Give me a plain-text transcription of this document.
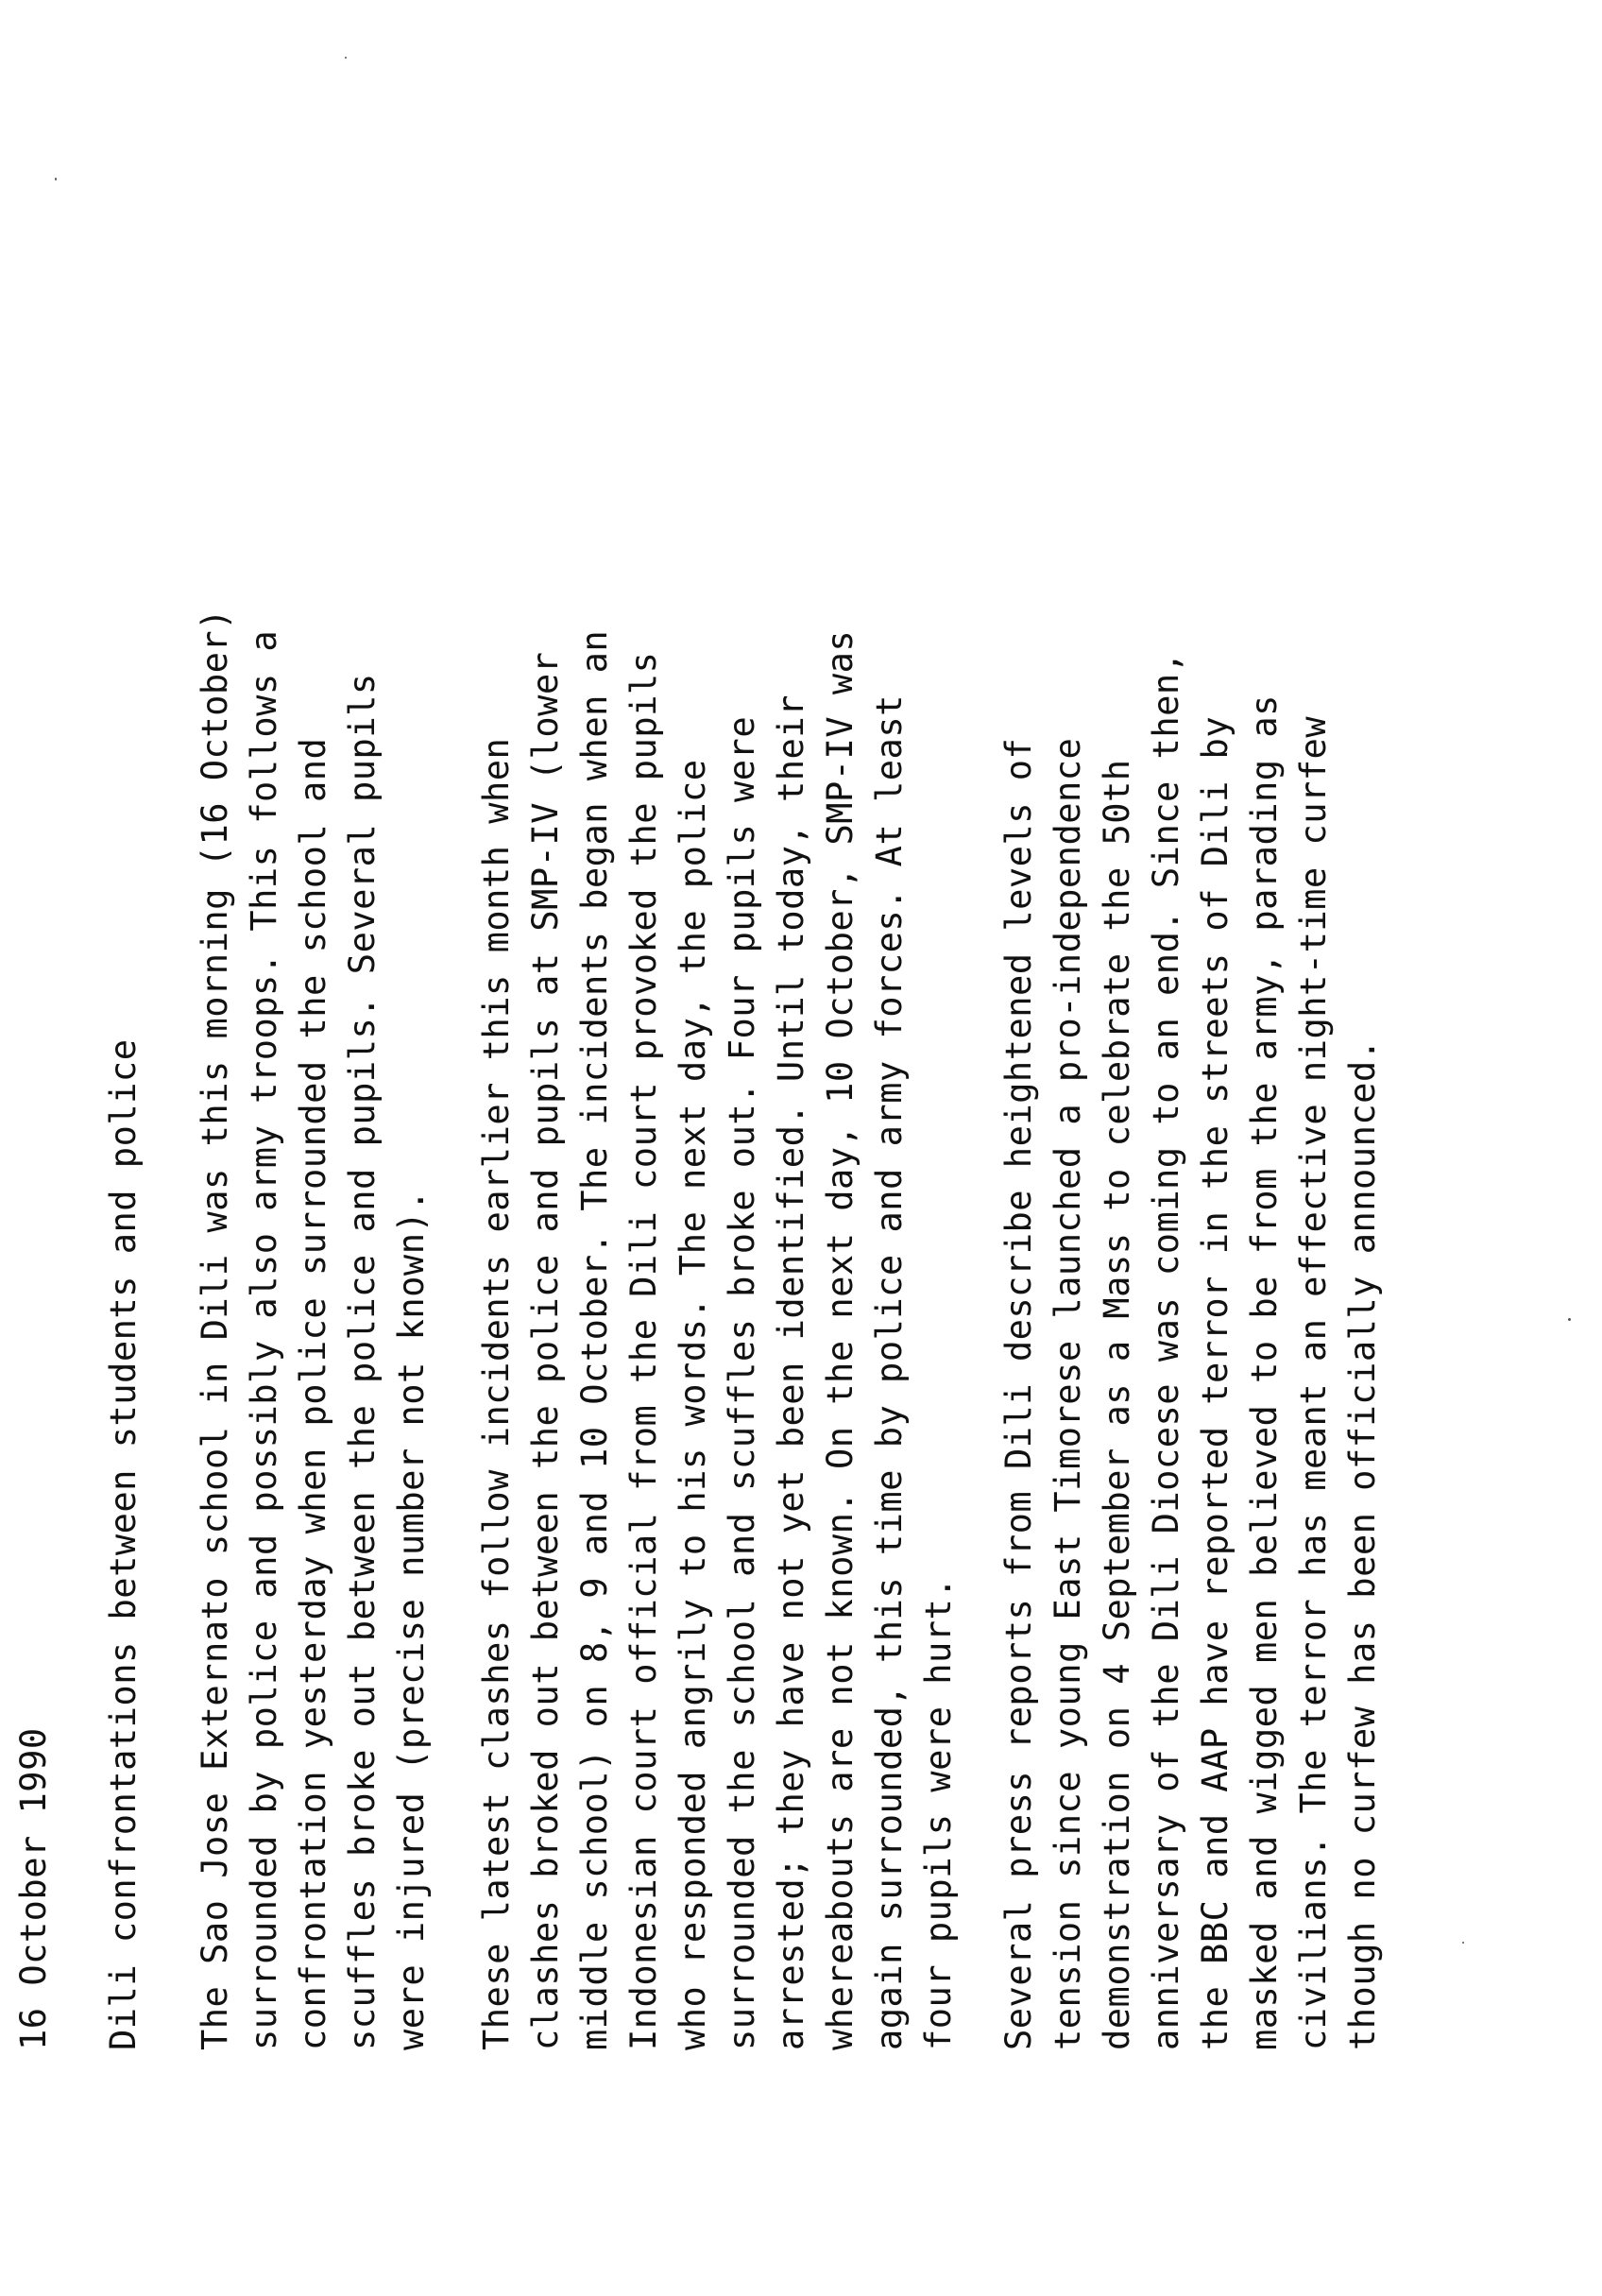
16 October 1990 Dili confrontations between students and police The Sao Jose Externato school in Dili was this morning (16 October) surrounded by police and possibly also army troops. This follows a confrontation yesterday when police surrounded the school and scuffles broke out between the police and pupils. Several pupils were injured (precise number not known). These latest clashes follow incidents earlier this month when clashes broked out between the police and pupils at SMP-IV (lower middle school) on 8, 9 and 10 October. The incidents began when an Indonesian court official from the Dili court provoked the pupils who responded angrily to his words. The next day, the police surrounded the school and scuffles broke out. Four pupils were arrested; they have not yet been identified. Until today, their whereabouts are not known. On the next day, 10 October, SMP-IV was again surrounded, this time by police and army forces. At least four pupils were hurt. Several press reports from Dili describe heightened levels of tension since young East Timorese launched a pro-independence demonstration on 4 September as a Mass to celebrate the 50th anniversary of the Dili Diocese was coming to an end. Since then, the BBC and AAP have reported terror in the streets of Dili by masked and wigged men believed to be from the army, parading as civilians. The terror has meant an effective night-time curfew though no curfew has been officially announced.
